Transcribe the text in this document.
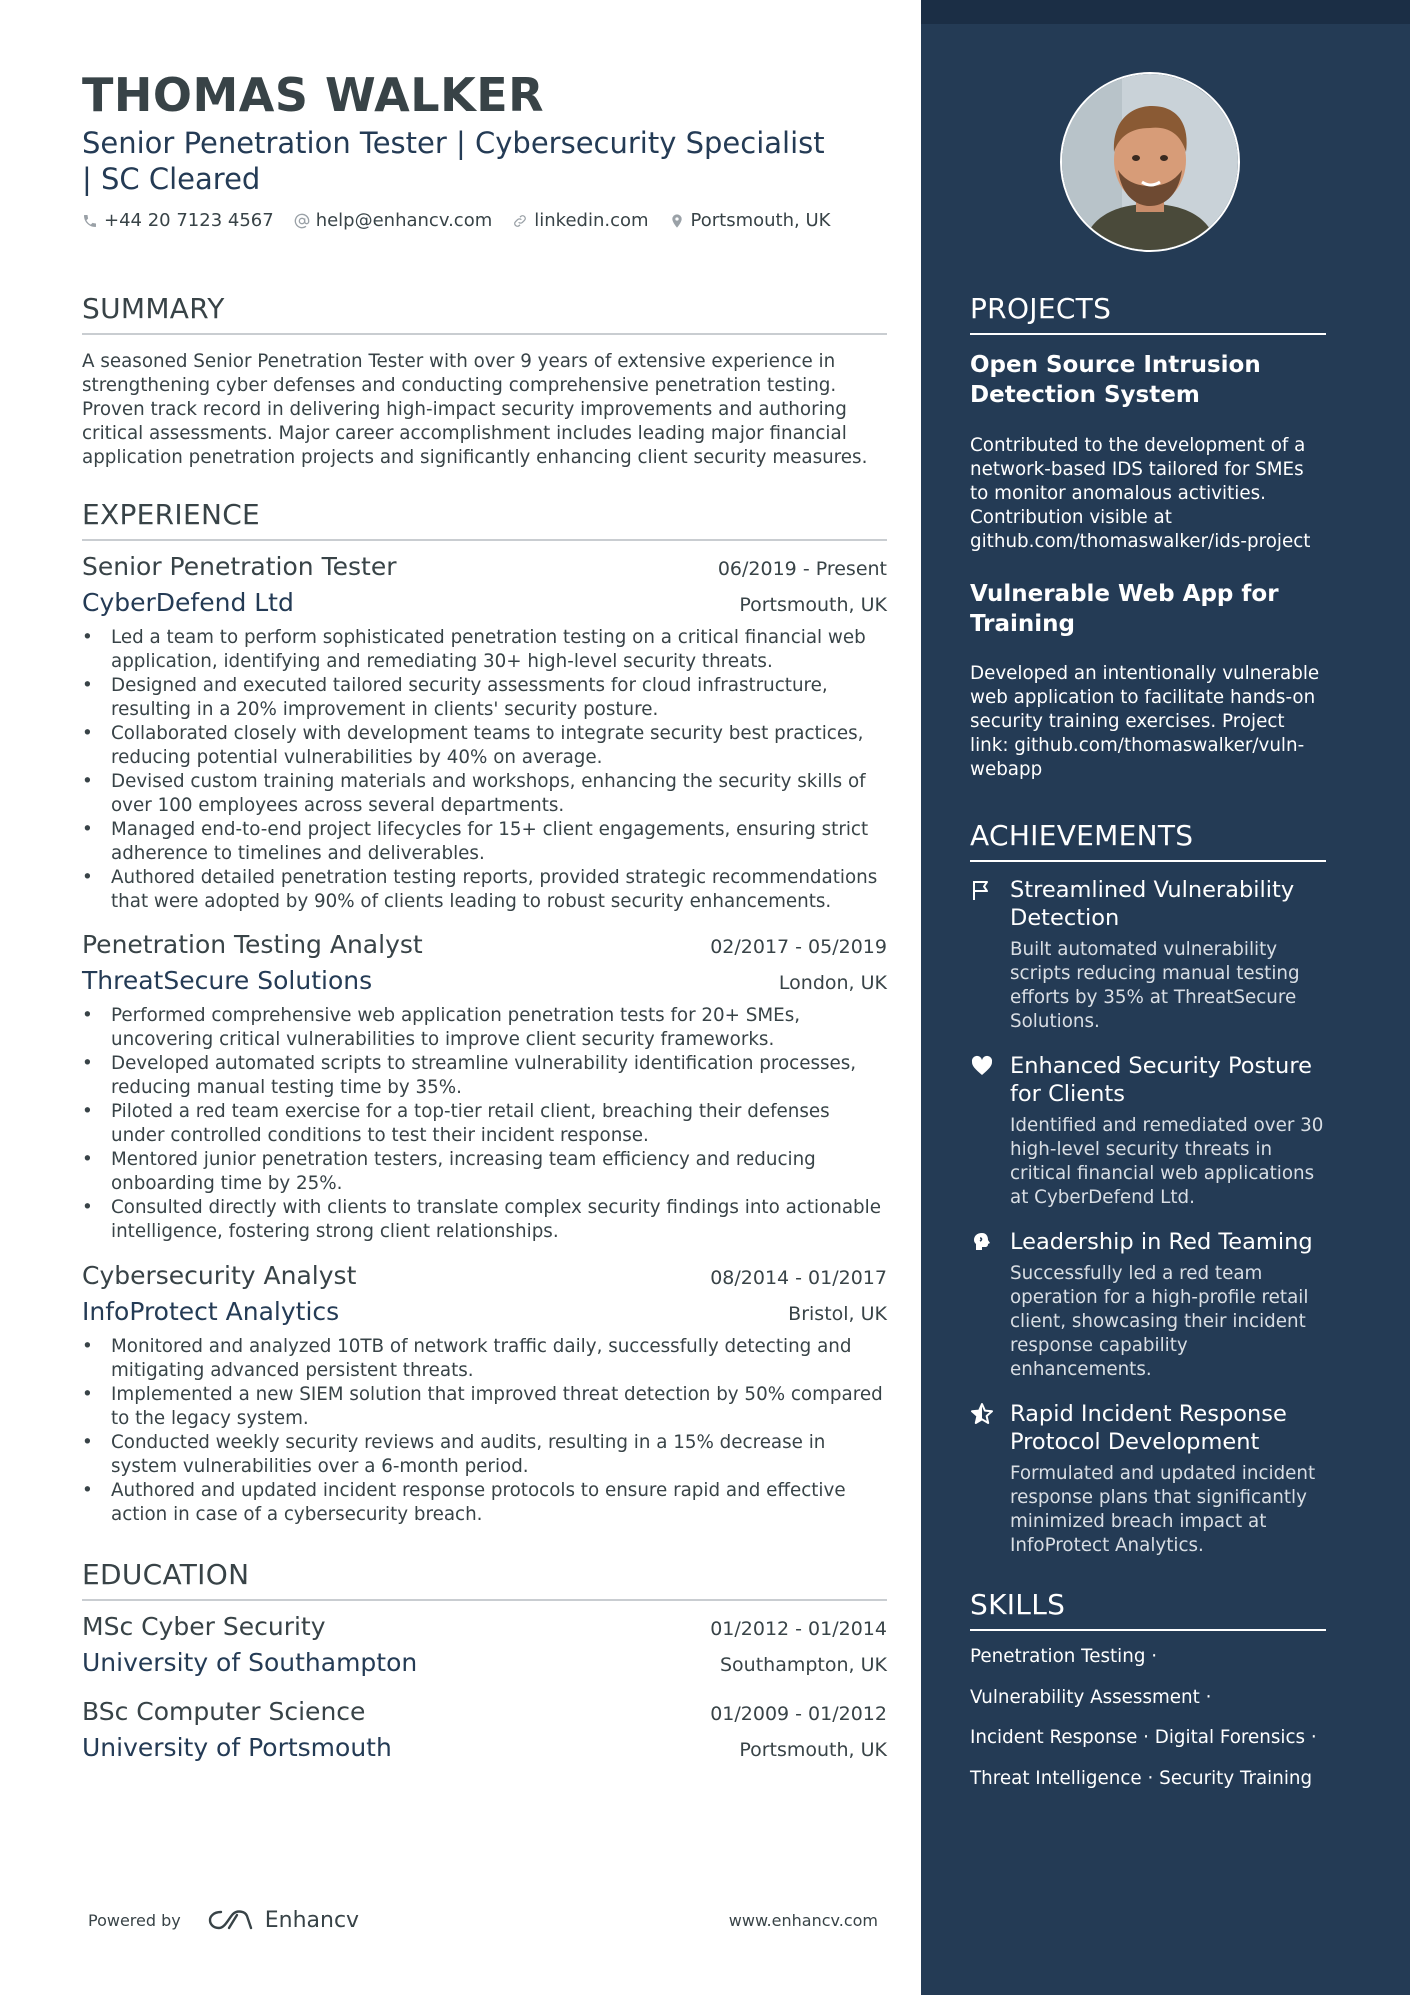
THOMAS WALKER
Senior Penetration Tester | Cybersecurity Specialist | SC Cleared
+44 20 7123 4567 help@enhancv.com linkedin.com Portsmouth, UK
SUMMARY
A seasoned Senior Penetration Tester with over 9 years of extensive experience in strengthening cyber defenses and conducting comprehensive penetration testing. Proven track record in delivering high-impact security improvements and authoring critical assessments. Major career accomplishment includes leading major financial application penetration projects and significantly enhancing client security measures.
EXPERIENCE
Senior Penetration Tester	06/2019 - Present
CyberDefend Ltd	Portsmouth, UK
• Led a team to perform sophisticated penetration testing on a critical financial web application, identifying and remediating 30+ high-level security threats.
• Designed and executed tailored security assessments for cloud infrastructure, resulting in a 20% improvement in clients' security posture.
• Collaborated closely with development teams to integrate security best practices, reducing potential vulnerabilities by 40% on average.
• Devised custom training materials and workshops, enhancing the security skills of over 100 employees across several departments.
• Managed end-to-end project lifecycles for 15+ client engagements, ensuring strict adherence to timelines and deliverables.
• Authored detailed penetration testing reports, provided strategic recommendations that were adopted by 90% of clients leading to robust security enhancements.
Penetration Testing Analyst	02/2017 - 05/2019
ThreatSecure Solutions	London, UK
• Performed comprehensive web application penetration tests for 20+ SMEs, uncovering critical vulnerabilities to improve client security frameworks.
• Developed automated scripts to streamline vulnerability identification processes, reducing manual testing time by 35%.
• Piloted a red team exercise for a top-tier retail client, breaching their defenses under controlled conditions to test their incident response.
• Mentored junior penetration testers, increasing team efficiency and reducing onboarding time by 25%.
• Consulted directly with clients to translate complex security findings into actionable intelligence, fostering strong client relationships.
Cybersecurity Analyst	08/2014 - 01/2017
InfoProtect Analytics	Bristol, UK
• Monitored and analyzed 10TB of network traffic daily, successfully detecting and mitigating advanced persistent threats.
• Implemented a new SIEM solution that improved threat detection by 50% compared to the legacy system.
• Conducted weekly security reviews and audits, resulting in a 15% decrease in system vulnerabilities over a 6-month period.
• Authored and updated incident response protocols to ensure rapid and effective action in case of a cybersecurity breach.
EDUCATION
MSc Cyber Security	01/2012 - 01/2014
University of Southampton	Southampton, UK
BSc Computer Science	01/2009 - 01/2012
University of Portsmouth	Portsmouth, UK
Powered by	Enhancv	www.enhancv.com
PROJECTS
Open Source Intrusion Detection System
Contributed to the development of a network-based IDS tailored for SMEs to monitor anomalous activities. Contribution visible at github.com/thomaswalker/ids-project
Vulnerable Web App for Training
Developed an intentionally vulnerable web application to facilitate hands-on security training exercises. Project link: github.com/thomaswalker/vuln-webapp
ACHIEVEMENTS
Streamlined Vulnerability Detection
Built automated vulnerability scripts reducing manual testing efforts by 35% at ThreatSecure Solutions.
Enhanced Security Posture for Clients
Identified and remediated over 30 high-level security threats in critical financial web applications at CyberDefend Ltd.
Leadership in Red Teaming
Successfully led a red team operation for a high-profile retail client, showcasing their incident response capability enhancements.
Rapid Incident Response Protocol Development
Formulated and updated incident response plans that significantly minimized breach impact at InfoProtect Analytics.
SKILLS
Penetration Testing ·
Vulnerability Assessment ·
Incident Response · Digital Forensics ·
Threat Intelligence · Security Training
